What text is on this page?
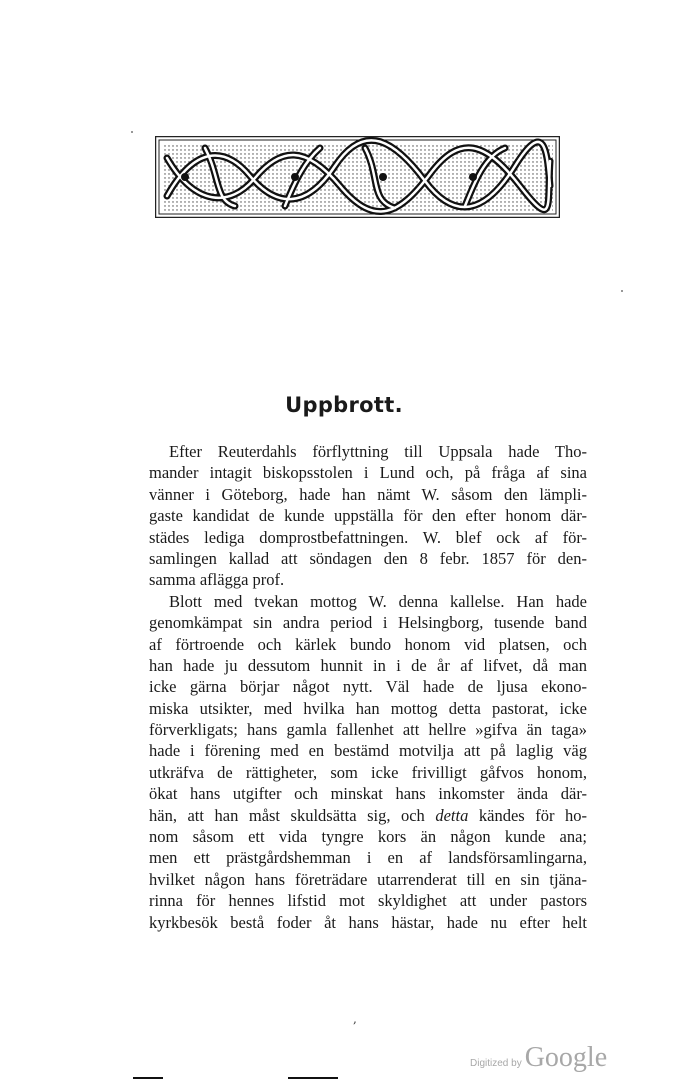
Uppbrott.
Efter Reuterdahls förflyttning till Uppsala hade Tho-
mander intagit biskopsstolen i Lund och, på fråga af sina
vänner i Göteborg, hade han nämt W. såsom den lämpli-
gaste kandidat de kunde uppställa för den efter honom där-
städes lediga domprostbefattningen. W. blef ock af för-
samlingen kallad att söndagen den 8 febr. 1857 för den-
samma aflägga prof.
Blott med tvekan mottog W. denna kallelse. Han hade
genomkämpat sin andra period i Helsingborg, tusende band
af förtroende och kärlek bundo honom vid platsen, och
han hade ju dessutom hunnit in i de år af lifvet, då man
icke gärna börjar något nytt. Väl hade de ljusa ekono-
miska utsikter, med hvilka han mottog detta pastorat, icke
förverkligats; hans gamla fallenhet att hellre »gifva än taga»
hade i förening med en bestämd motvilja att på laglig väg
utkräfva de rättigheter, som icke frivilligt gåfvos honom,
ökat hans utgifter och minskat hans inkomster ända där-
hän, att han måst skuldsätta sig, och detta kändes för ho-
nom såsom ett vida tyngre kors än någon kunde ana;
men ett prästgårdshemman i en af landsförsamlingarna,
hvilket någon hans företrädare utarrenderat till en sin tjäna-
rinna för hennes lifstid mot skyldighet att under pastors
kyrkbesök bestå foder åt hans hästar, hade nu efter helt
,
Digitized by Google
